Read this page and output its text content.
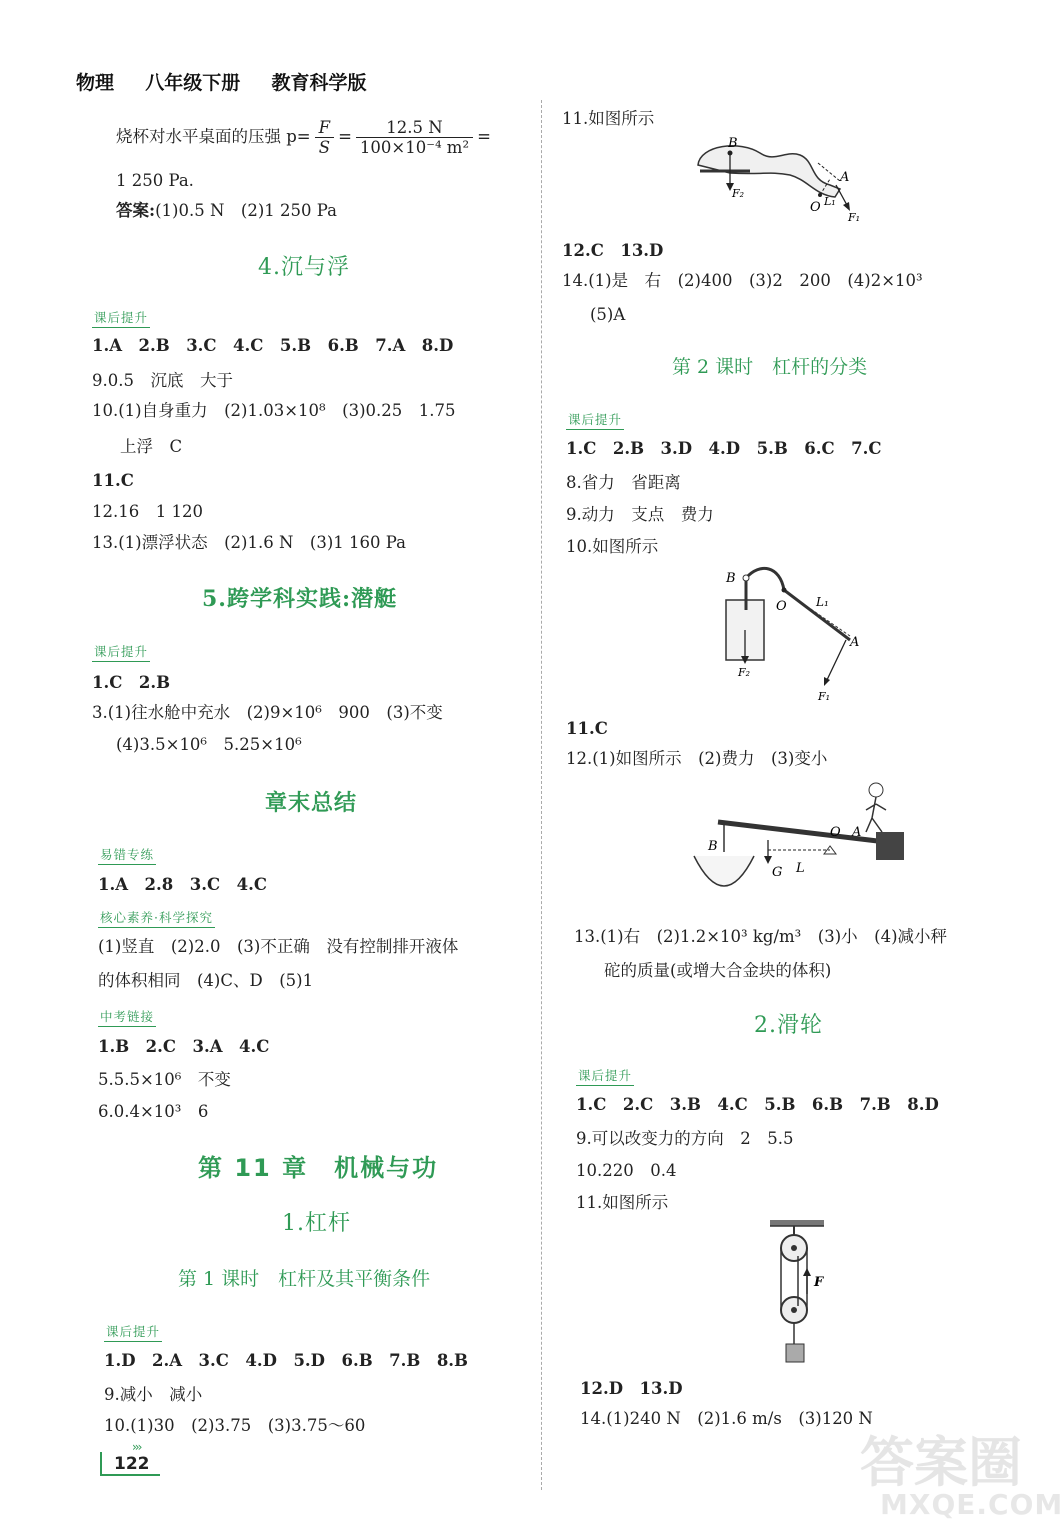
物理 八年级下册 教育科学版
烧杯对水平桌面的压强 $p= \frac{F}{S} = \frac{12.5 N}{\text{100×10⁻⁴ m²}}$ =
1 250 Pa.
答案:(1)0.5 N　(2)1 250 Pa
4.沉与浮
课后提升
1.A　2.B　3.C　4.C　5.B　6.B　7.A　8.D
9.0.5　沉底　大于
10.(1)自身重力　(2)1.03×10⁸　(3)0.25　1.75
上浮　C
11.C
12.16　1 120
13.(1)漂浮状态　(2)1.6 N　(3)1 160 Pa
5.跨学科实践:潜艇
课后提升
1.C　2.B
3.(1)往水舱中充水　(2)9×10⁶　900　(3)不变
(4)3.5×10⁶　5.25×10⁶
章末总结
易错专练
1.A　2.8　3.C　4.C
核心素养·科学探究
(1)竖直　(2)2.0　(3)不正确　没有控制排开液体
的体积相同　(4)C、D　(5)1
中考链接
1.B　2.C　3.A　4.C
5.5.5×10⁶　不变
6.0.4×10³　6
第 11 章　机械与功
1.杠杆
第 1 课时　杠杆及其平衡条件
课后提升
1.D　2.A　3.C　4.D　5.D　6.B　7.B　8.B
9.减小　减小
10.(1)30　(2)3.75　(3)3.75～60
11.如图所示
B
A
O
F₂
L₁
F₁
12.C　13.D
14.(1)是　右　(2)400　(3)2　200　(4)2×10³
(5)A
第 2 课时　杠杆的分类
课后提升
1.C　2.B　3.D　4.D　5.B　6.C　7.C
8.省力　省距离
9.动力　支点　费力
10.如图所示
B
O L₁
A
F₂
F₁
11.C
12.(1)如图所示　(2)费力　(3)变小
B
G L
O A
13.(1)右　(2)1.2×10³ kg/m³　(3)小　(4)减小秤
砣的质量(或增大合金块的体积)
2.滑轮
课后提升
1.C　2.C　3.B　4.C　5.B　6.B　7.B　8.D
9.可以改变力的方向　2　5.5
10.220　0.4
11.如图所示
F
12.D　13.D
14.(1)240 N　(2)1.6 m/s　(3)120 N
›››
122	答案圈
MXQE.COM
